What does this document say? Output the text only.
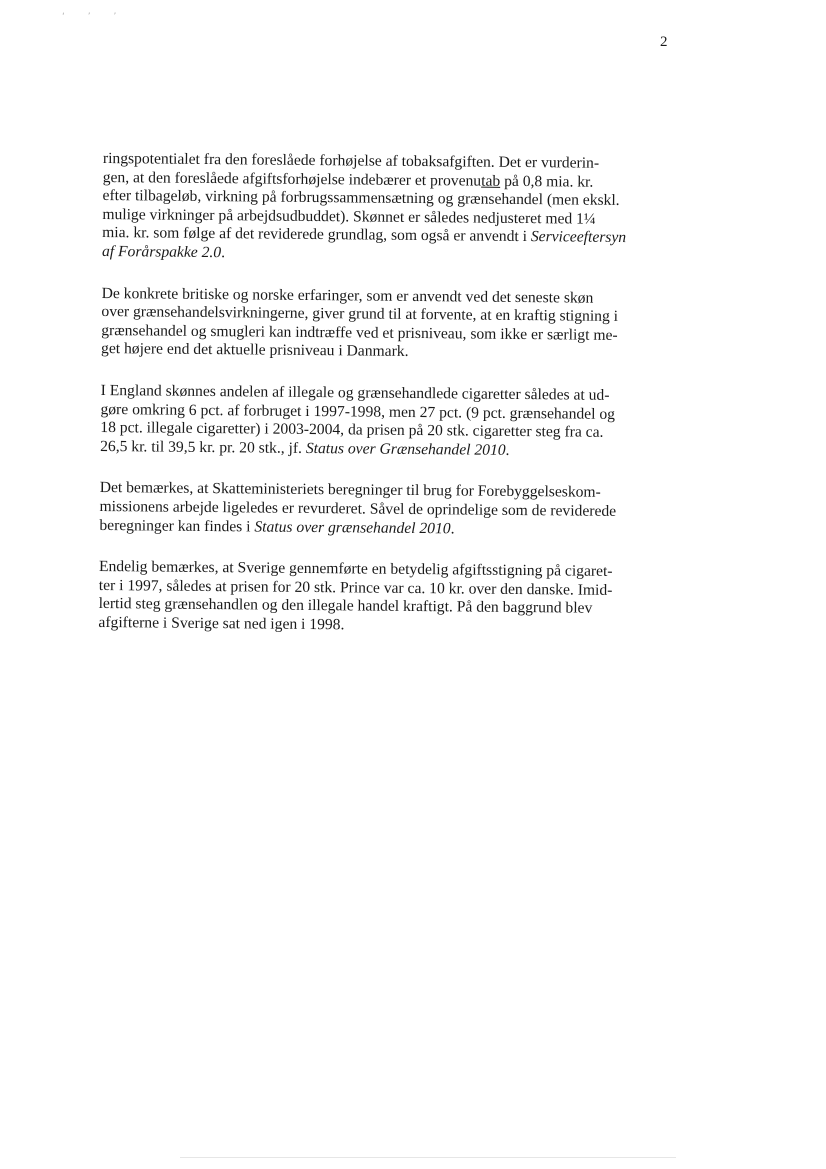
‘ ’ ’
2

ringspotentialet fra den foreslåede forhøjelse af tobaksafgiften. Det er vurderin-
gen, at den foreslåede afgiftsforhøjelse indebærer et provenutab på 0,8 mia. kr.
efter tilbageløb, virkning på forbrugssammensætning og grænsehandel (men ekskl.
mulige virkninger på arbejdsudbuddet). Skønnet er således nedjusteret med 1¼
mia. kr. som følge af det reviderede grundlag, som også er anvendt i Serviceeftersyn
af Forårspakke 2.0.

De konkrete britiske og norske erfaringer, som er anvendt ved det seneste skøn
over grænsehandelsvirkningerne, giver grund til at forvente, at en kraftig stigning i
grænsehandel og smugleri kan indtræffe ved et prisniveau, som ikke er særligt me-
get højere end det aktuelle prisniveau i Danmark.

I England skønnes andelen af illegale og grænsehandlede cigaretter således at ud-
gøre omkring 6 pct. af forbruget i 1997-1998, men 27 pct. (9 pct. grænsehandel og
18 pct. illegale cigaretter) i 2003-2004, da prisen på 20 stk. cigaretter steg fra ca.
26,5 kr. til 39,5 kr. pr. 20 stk., jf. Status over Grænsehandel 2010.

Det bemærkes, at Skatteministeriets beregninger til brug for Forebyggelseskom-
missionens arbejde ligeledes er revurderet. Såvel de oprindelige som de reviderede
beregninger kan findes i Status over grænsehandel 2010.

Endelig bemærkes, at Sverige gennemførte en betydelig afgiftsstigning på cigaret-
ter i 1997, således at prisen for 20 stk. Prince var ca. 10 kr. over den danske. Imid-
lertid steg grænsehandlen og den illegale handel kraftigt. På den baggrund blev
afgifterne i Sverige sat ned igen i 1998.
